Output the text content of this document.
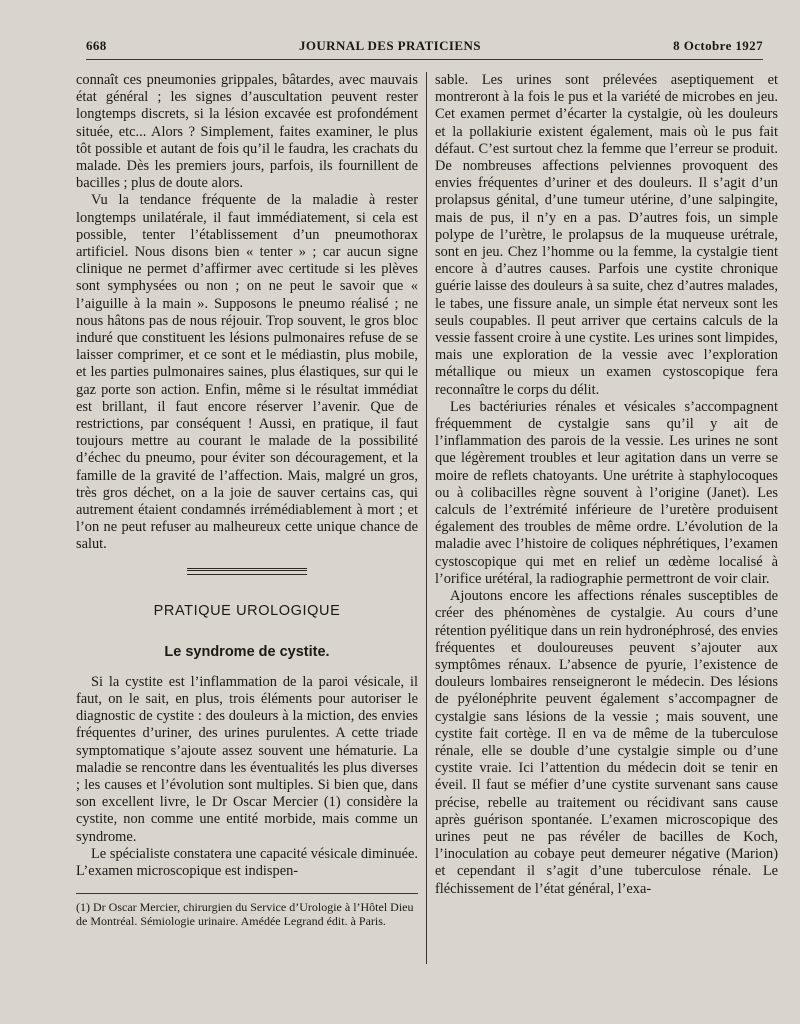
668	JOURNAL DES PRATICIENS	8 Octobre 1927

connaît ces pneumonies grippales, bâtardes, avec mauvais état général ; les signes d’auscultation peuvent rester longtemps discrets, si la lésion excavée est profondément située, etc... Alors ? Simplement, faites examiner, le plus tôt possible et autant de fois qu’il le faudra, les crachats du malade. Dès les premiers jours, parfois, ils fournillent de bacilles ; plus de doute alors.

Vu la tendance fréquente de la maladie à rester longtemps unilatérale, il faut immédiatement, si cela est possible, tenter l’établissement d’un pneumothorax artificiel. Nous disons bien « tenter » ; car aucun signe clinique ne permet d’affirmer avec certitude si les plèves sont symphysées ou non ; on ne peut le savoir que « l’aiguille à la main ». Supposons le pneumo réalisé ; ne nous hâtons pas de nous réjouir. Trop souvent, le gros bloc induré que constituent les lésions pulmonaires refuse de se laisser comprimer, et ce sont et le médiastin, plus mobile, et les parties pulmonaires saines, plus élastiques, sur qui le gaz porte son action. Enfin, même si le résultat immédiat est brillant, il faut encore réserver l’avenir. Que de restrictions, par conséquent ! Aussi, en pratique, il faut toujours mettre au courant le malade de la possibilité d’échec du pneumo, pour éviter son découragement, et la famille de la gravité de l’affection. Mais, malgré un gros, très gros déchet, on a la joie de sauver certains cas, qui autrement étaient condamnés irrémédiablement à mort ; et l’on ne peut refuser au malheureux cette unique chance de salut.

PRATIQUE UROLOGIQUE
Le syndrome de cystite.

Si la cystite est l’inflammation de la paroi vésicale, il faut, on le sait, en plus, trois éléments pour autoriser le diagnostic de cystite : des douleurs à la miction, des envies fréquentes d’uriner, des urines purulentes. A cette triade symptomatique s’ajoute assez souvent une hématurie. La maladie se rencontre dans les éventualités les plus diverses ; les causes et l’évolution sont multiples. Si bien que, dans son excellent livre, le Dr Oscar Mercier (1) considère la cystite, non comme une entité morbide, mais comme un syndrome.

Le spécialiste constatera une capacité vésicale diminuée. L’examen microscopique est indispen-

(1) Dr Oscar Mercier, chirurgien du Service d’Urologie à l’Hôtel Dieu de Montréal. Sémiologie urinaire. Amédée Legrand édit. à Paris.

sable. Les urines sont prélevées aseptiquement et montreront à la fois le pus et la variété de microbes en jeu. Cet examen permet d’écarter la cystalgie, où les douleurs et la pollakiurie existent également, mais où le pus fait défaut. C’est surtout chez la femme que l’erreur se produit. De nombreuses affections pelviennes provoquent des envies fréquentes d’uriner et des douleurs. Il s’agit d’un prolapsus génital, d’une tumeur utérine, d’une salpingite, mais de pus, il n’y en a pas. D’autres fois, un simple polype de l’urètre, le prolapsus de la muqueuse urétrale, sont en jeu. Chez l’homme ou la femme, la cystalgie tient encore à d’autres causes. Parfois une cystite chronique guérie laisse des douleurs à sa suite, chez d’autres malades, le tabes, une fissure anale, un simple état nerveux sont les seuls coupables. Il peut arriver que certains calculs de la vessie fassent croire à une cystite. Les urines sont limpides, mais une exploration de la vessie avec l’exploration métallique ou mieux un examen cystoscopique fera reconnaître le corps du délit.

Les bactériuries rénales et vésicales s’accompagnent fréquemment de cystalgie sans qu’il y ait de l’inflammation des parois de la vessie. Les urines ne sont que légèrement troubles et leur agitation dans un verre se moire de reflets chatoyants. Une urétrite à staphylocoques ou à colibacilles règne souvent à l’origine (Janet). Les calculs de l’extrémité inférieure de l’uretère produisent également des troubles de même ordre. L’évolution de la maladie avec l’histoire de coliques néphrétiques, l’examen cystoscopique qui met en relief un œdème localisé à l’orifice urétéral, la radiographie permettront de voir clair.

Ajoutons encore les affections rénales susceptibles de créer des phénomènes de cystalgie. Au cours d’une rétention pyélitique dans un rein hydronéphrosé, des envies fréquentes et douloureuses peuvent s’ajouter aux symptômes rénaux. L’absence de pyurie, l’existence de douleurs lombaires renseigneront le médecin. Des lésions de pyélonéphrite peuvent également s’accompagner de cystalgie sans lésions de la vessie ; mais souvent, une cystite fait cortège. Il en va de même de la tuberculose rénale, elle se double d’une cystalgie simple ou d’une cystite vraie. Ici l’attention du médecin doit se tenir en éveil. Il faut se méfier d’une cystite survenant sans cause précise, rebelle au traitement ou récidivant sans cause après guérison spontanée. L’examen microscopique des urines peut ne pas révéler de bacilles de Koch, l’inoculation au cobaye peut demeurer négative (Marion) et cependant il s’agit d’une tuberculose rénale. Le fléchissement de l’état général, l’exa-
